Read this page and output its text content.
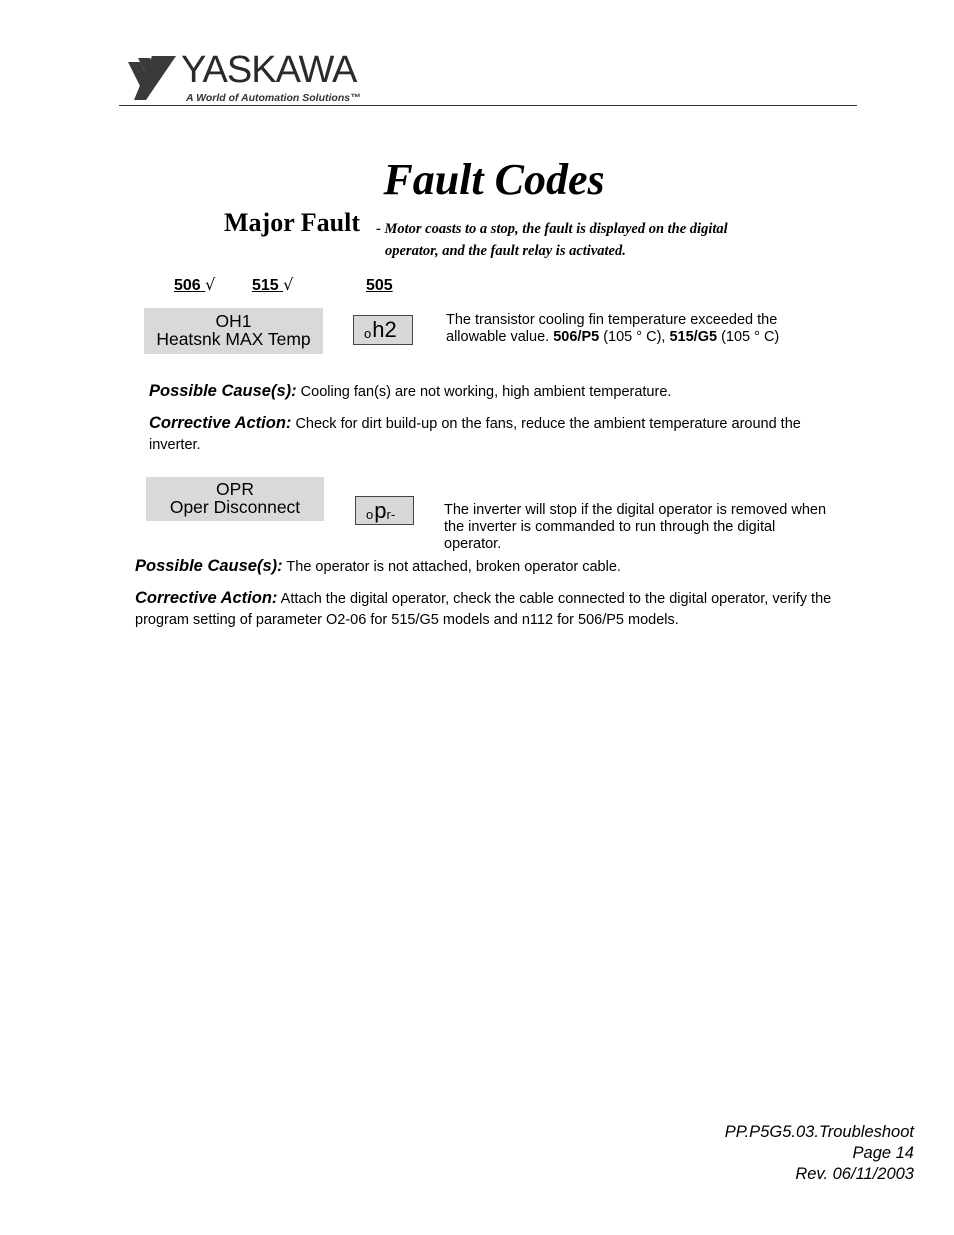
YASKAWA
A World of Automation Solutions™
Fault Codes
Major Fault - Motor coasts to a stop, the fault is displayed on the digital
operator, and the fault relay is activated.
506 √ 515 √	505
OH1
Heatsnk MAX Temp	oh2	The transistor cooling fin temperature exceeded the allowable value. 506/P5 (105 ° C), 515/G5 (105 ° C)
Possible Cause(s): Cooling fan(s) are not working, high ambient temperature.
Corrective Action: Check for dirt build-up on the fans, reduce the ambient temperature around the inverter.
OPR
Oper Disconnect	opr-	The inverter will stop if the digital operator is removed when the inverter is commanded to run through the digital operator.
Possible Cause(s): The operator is not attached, broken operator cable.
Corrective Action: Attach the digital operator, check the cable connected to the digital operator, verify the program setting of parameter O2-06 for 515/G5 models and n112 for 506/P5 models.
PP.P5G5.03.Troubleshoot
Page 14
Rev. 06/11/2003
